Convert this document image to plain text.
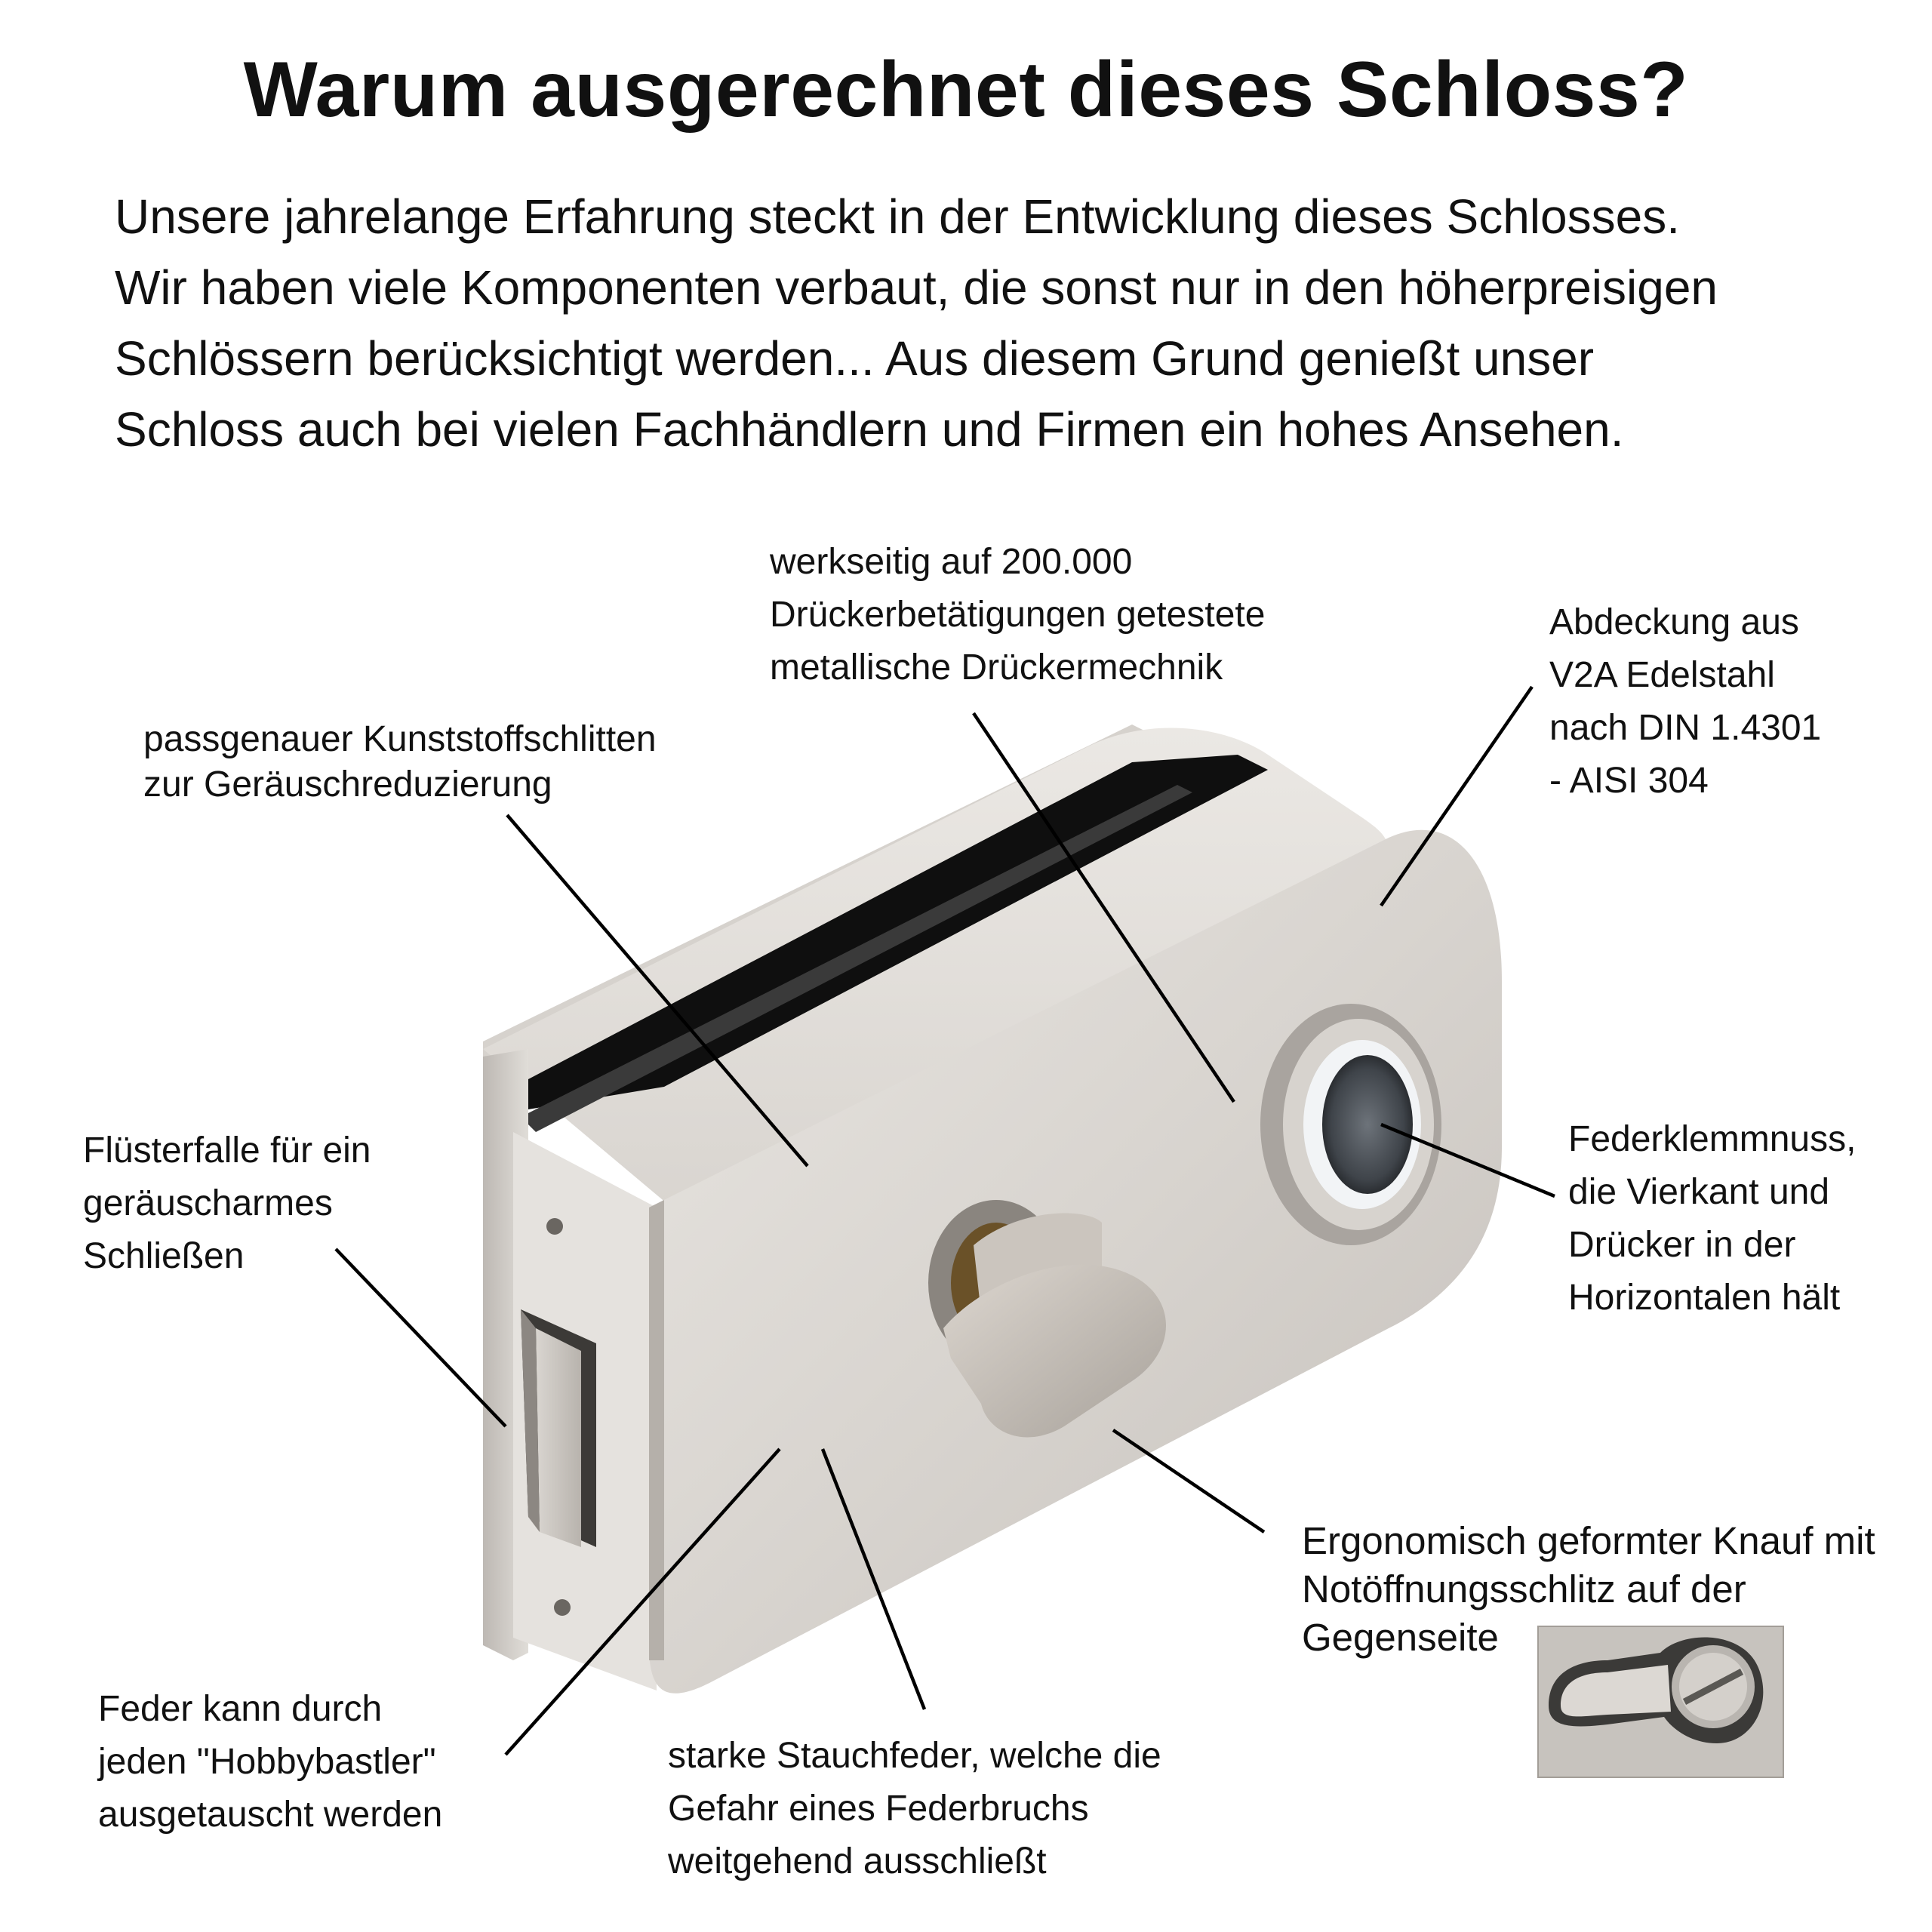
Warum ausgerechnet dieses Schloss?
Unsere jahrelange Erfahrung steckt in der Entwicklung dieses Schlosses.
Wir haben viele Komponenten verbaut, die sonst nur in den höherpreisigen
Schlössern berücksichtigt werden... Aus diesem Grund genießt unser
Schloss auch bei vielen Fachhändlern und Firmen ein hohes Ansehen.
werkseitig auf 200.000
Drückerbetätigungen getestete
metallische Drückermechnik
Abdeckung aus
V2A Edelstahl
nach DIN 1.4301
- AISI 304
passgenauer Kunststoffschlitten
zur Geräuschreduzierung
Flüsterfalle für ein
geräuscharmes
Schließen
Federklemmnuss,
die Vierkant und
Drücker in der
Horizontalen hält
Ergonomisch geformter Knauf mit
Notöffnungsschlitz auf der
Gegenseite
Feder kann durch
jeden "Hobbybastler"
ausgetauscht werden
starke Stauchfeder, welche die
Gefahr eines Federbruchs
weitgehend ausschließt
